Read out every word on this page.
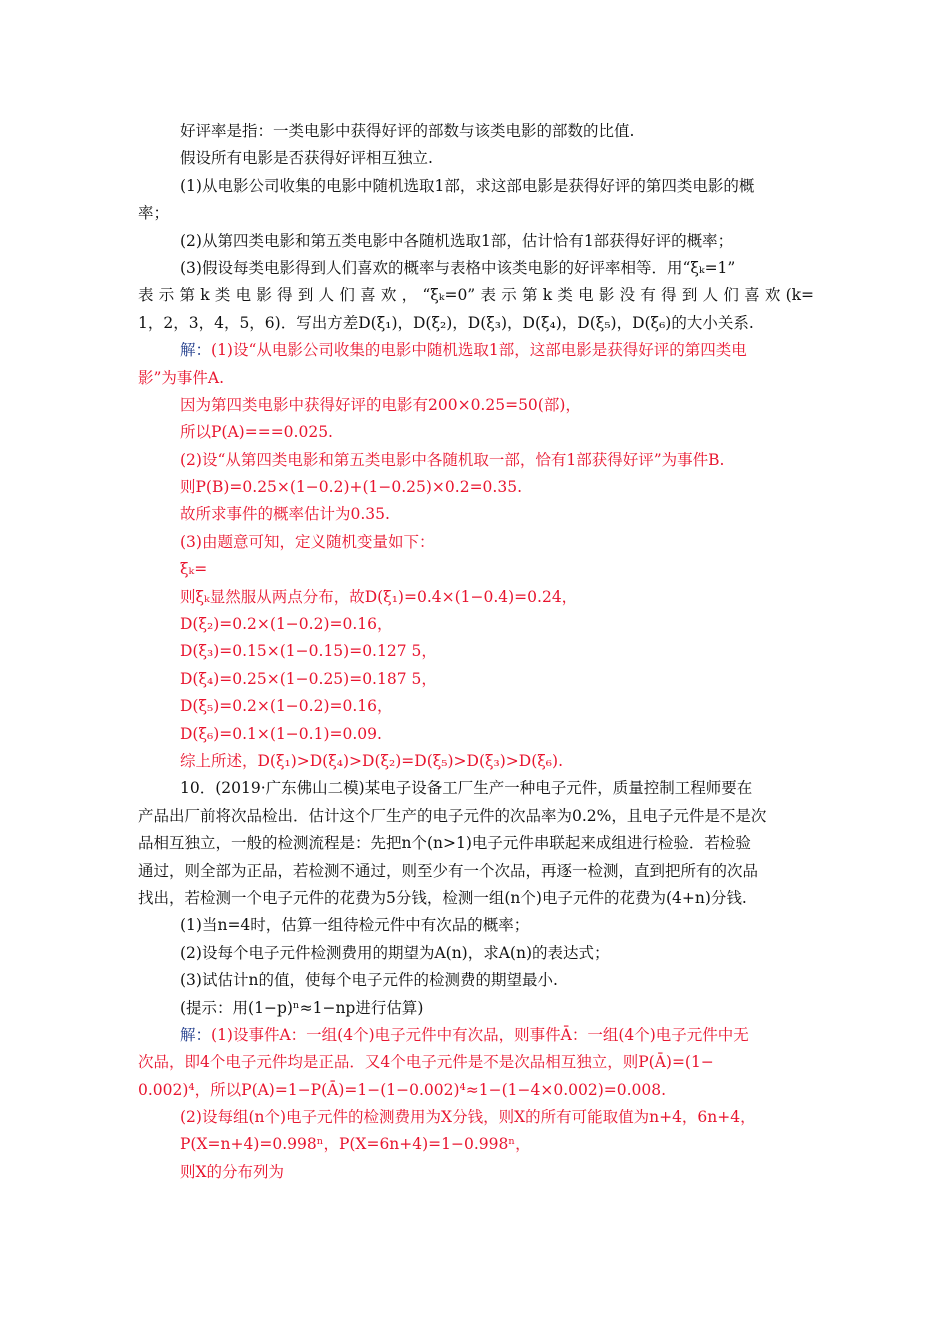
好评率是指：一类电影中获得好评的部数与该类电影的部数的比值.
假设所有电影是否获得好评相互独立.
(1)从电影公司收集的电影中随机选取1部，求这部电影是获得好评的第四类电影的概
率；
(2)从第四类电影和第五类电影中各随机选取1部，估计恰有1部获得好评的概率；
(3)假设每类电影得到人们喜欢的概率与表格中该类电影的好评率相等．用“ξₖ=1”
表示第k类电影得到人们喜欢，“ξₖ=0”表示第k类电影没有得到人们喜欢(k=
1，2，3，4，5，6)．写出方差D(ξ₁)，D(ξ₂)，D(ξ₃)，D(ξ₄)，D(ξ₅)，D(ξ₆)的大小关系.
解：(1)设“从电影公司收集的电影中随机选取1部，这部电影是获得好评的第四类电
影”为事件A.
因为第四类电影中获得好评的电影有200×0.25=50(部)，
所以P(A)===0.025.
(2)设“从第四类电影和第五类电影中各随机取一部，恰有1部获得好评”为事件B.
则P(B)=0.25×(1−0.2)+(1−0.25)×0.2=0.35.
故所求事件的概率估计为0.35.
(3)由题意可知，定义随机变量如下：
ξₖ=
则ξₖ显然服从两点分布，故D(ξ₁)=0.4×(1−0.4)=0.24，
D(ξ₂)=0.2×(1−0.2)=0.16，
D(ξ₃)=0.15×(1−0.15)=0.127 5，
D(ξ₄)=0.25×(1−0.25)=0.187 5，
D(ξ₅)=0.2×(1−0.2)=0.16，
D(ξ₆)=0.1×(1−0.1)=0.09.
综上所述，D(ξ₁)>D(ξ₄)>D(ξ₂)=D(ξ₅)>D(ξ₃)>D(ξ₆).
10．(2019·广东佛山二模)某电子设备工厂生产一种电子元件，质量控制工程师要在
产品出厂前将次品检出．估计这个厂生产的电子元件的次品率为0.2%，且电子元件是不是次
品相互独立，一般的检测流程是：先把n个(n>1)电子元件串联起来成组进行检验．若检验
通过，则全部为正品，若检测不通过，则至少有一个次品，再逐一检测，直到把所有的次品
找出，若检测一个电子元件的花费为5分钱，检测一组(n个)电子元件的花费为(4+n)分钱.
(1)当n=4时，估算一组待检元件中有次品的概率；
(2)设每个电子元件检测费用的期望为A(n)，求A(n)的表达式；
(3)试估计n的值，使每个电子元件的检测费的期望最小.
(提示：用(1−p)ⁿ≈1−np进行估算)
解：(1)设事件A：一组(4个)电子元件中有次品，则事件Ā：一组(4个)电子元件中无
次品，即4个电子元件均是正品．又4个电子元件是不是次品相互独立，则P(Ā)=(1−
0.002)⁴，所以P(A)=1−P(Ā)=1−(1−0.002)⁴≈1−(1−4×0.002)=0.008.
(2)设每组(n个)电子元件的检测费用为X分钱，则X的所有可能取值为n+4，6n+4，
P(X=n+4)=0.998ⁿ，P(X=6n+4)=1−0.998ⁿ，
则X的分布列为
